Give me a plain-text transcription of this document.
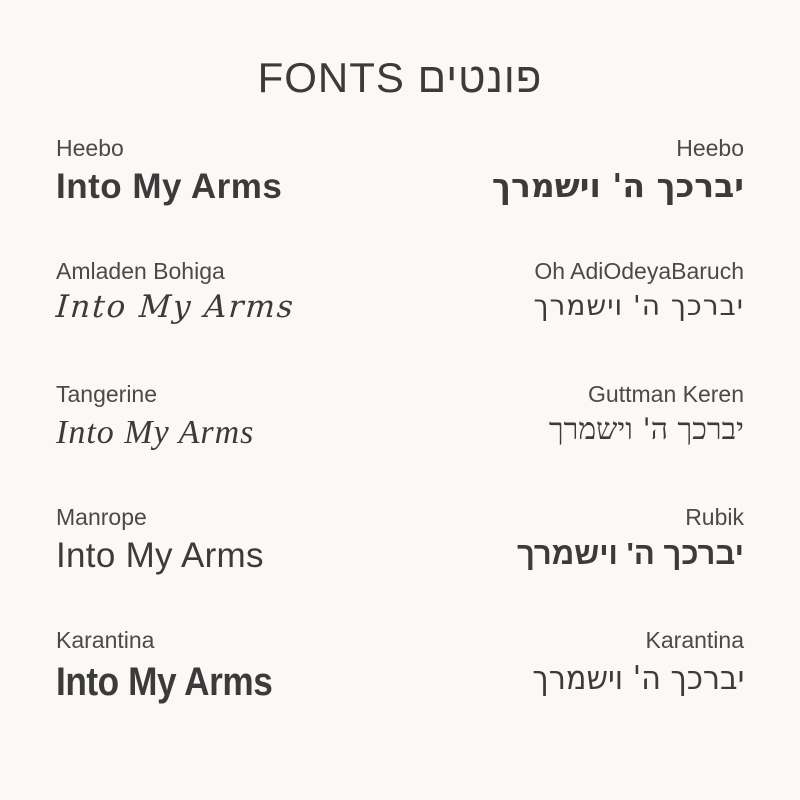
פונטים FONTS
Heebo
Into My Arms
Heebo
יברכך ה' וישמרך
Amladen Bohiga
Into My Arms
Oh AdiOdeyaBaruch
יברכך ה' וישמרך
Tangerine
Into My Arms
Guttman Keren
יברכך ה' וישמרך
Manrope
Into My Arms
Rubik
יברכך ה' וישמרך
Karantina
Into My Arms
Karantina
יברכך ה' וישמרך
